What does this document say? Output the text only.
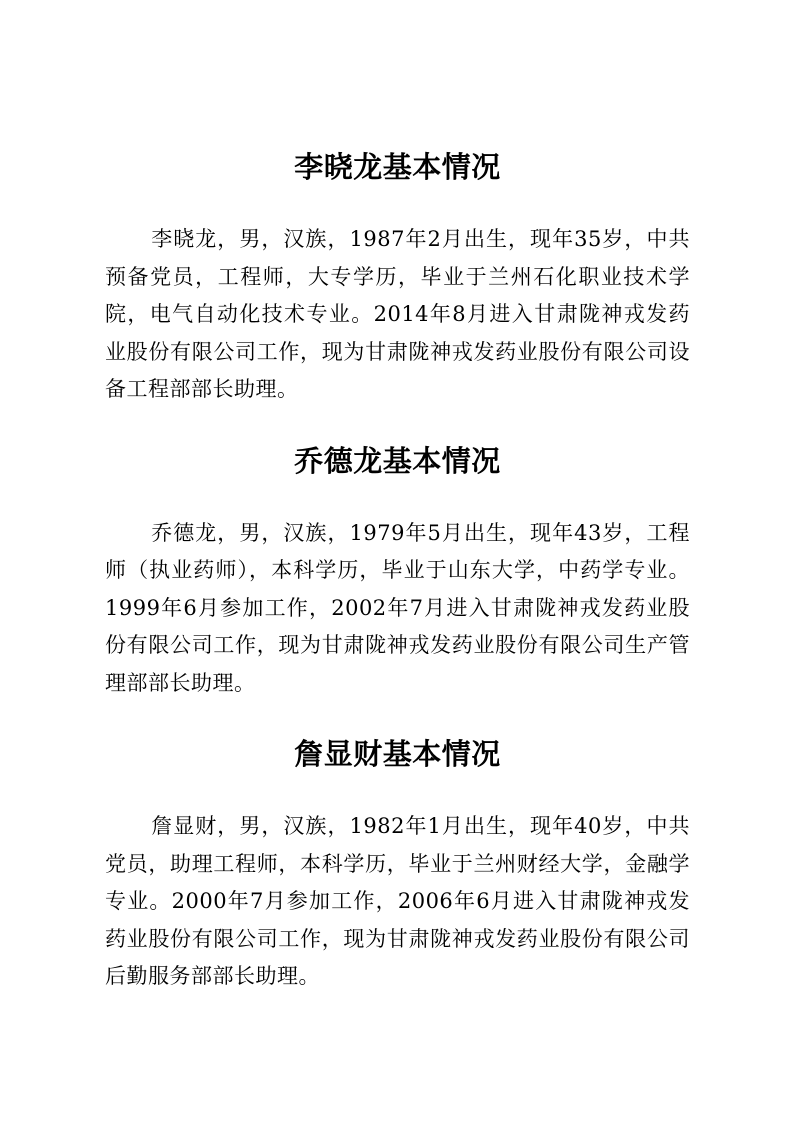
李晓龙基本情况

李晓龙，男，汉族，1987年2月出生，现年35岁，中共预备党员，工程师，大专学历，毕业于兰州石化职业技术学院，电气自动化技术专业。2014年8月进入甘肃陇神戎发药业股份有限公司工作，现为甘肃陇神戎发药业股份有限公司设备工程部部长助理。

乔德龙基本情况

乔德龙，男，汉族，1979年5月出生，现年43岁，工程师（执业药师），本科学历，毕业于山东大学，中药学专业。1999年6月参加工作，2002年7月进入甘肃陇神戎发药业股份有限公司工作，现为甘肃陇神戎发药业股份有限公司生产管理部部长助理。

詹显财基本情况

詹显财，男，汉族，1982年1月出生，现年40岁，中共党员，助理工程师，本科学历，毕业于兰州财经大学，金融学专业。2000年7月参加工作，2006年6月进入甘肃陇神戎发药业股份有限公司工作，现为甘肃陇神戎发药业股份有限公司后勤服务部部长助理。
